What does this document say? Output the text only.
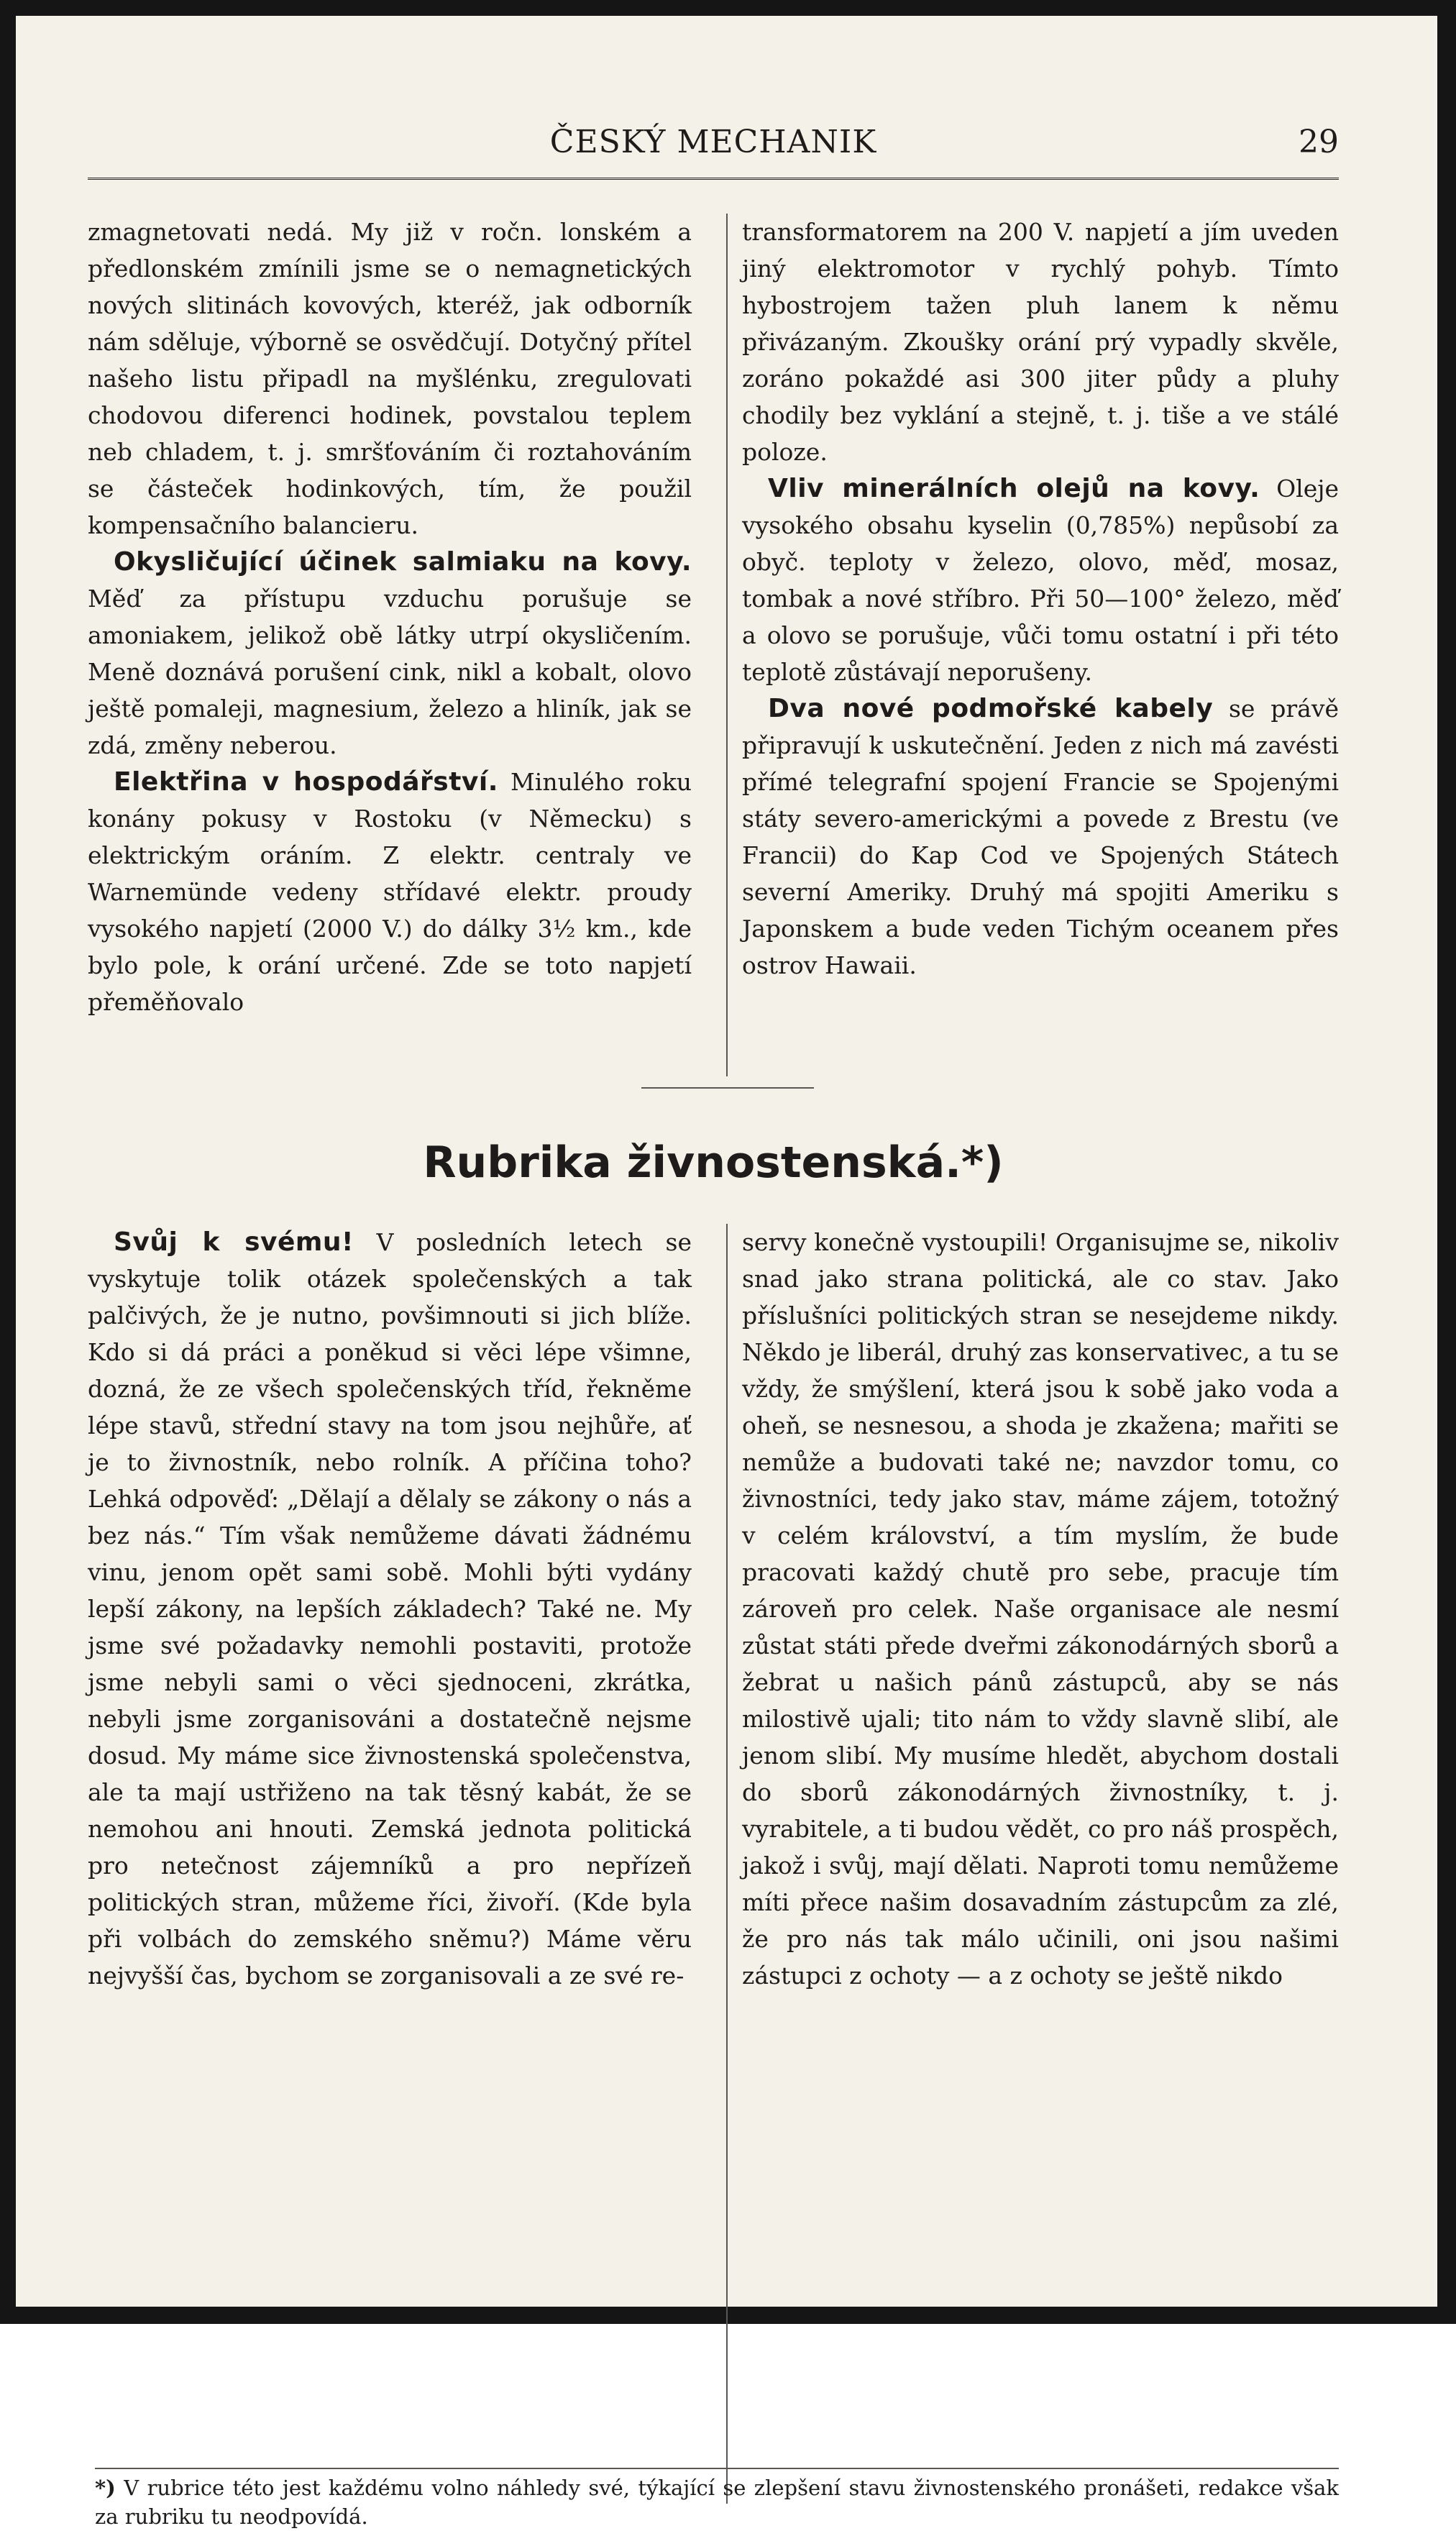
ČESKÝ MECHANIK	29

zmagnetovati nedá. My již v ročn. lonském a předlonském zmínili jsme se o nemagnetických nových slitinách kovových, kteréž, jak odborník nám sděluje, výborně se osvědčují. Dotyčný přítel našeho listu připadl na myšlénku, zregulovati chodovou diferenci hodinek, povstalou teplem neb chladem, t. j. smršťováním či roztahováním se částeček hodinkových, tím, že použil kompensačního balancieru.

Okysličující účinek salmiaku na kovy. Měď za přístupu vzduchu porušuje se amoniakem, jelikož obě látky utrpí okysličením. Meně doznává porušení cink, nikl a kobalt, olovo ještě pomaleji, magnesium, železo a hliník, jak se zdá, změny neberou.

Elektřina v hospodářství. Minulého roku konány pokusy v Rostoku (v Německu) s elektrickým oráním. Z elektr. centraly ve Warnemünde vedeny střídavé elektr. proudy vysokého napjetí (2000 V.) do dálky 3½ km., kde bylo pole, k orání určené. Zde se toto napjetí přeměňovalo

transformatorem na 200 V. napjetí a jím uveden jiný elektromotor v rychlý pohyb. Tímto hybostrojem tažen pluh lanem k němu přivázaným. Zkoušky orání prý vypadly skvěle, zoráno pokaždé asi 300 jiter půdy a pluhy chodily bez vyklání a stejně, t. j. tiše a ve stálé poloze.

Vliv minerálních olejů na kovy. Oleje vysokého obsahu kyselin (0,785%) nepůsobí za obyč. teploty v železo, olovo, měď, mosaz, tombak a nové stříbro. Při 50—100° železo, měď a olovo se porušuje, vůči tomu ostatní i při této teplotě zůstávají neporušeny.

Dva nové podmořské kabely se právě připravují k uskutečnění. Jeden z nich má zavésti přímé telegrafní spojení Francie se Spojenými státy severo-americkými a povede z Brestu (ve Francii) do Kap Cod ve Spojených Státech severní Ameriky. Druhý má spojiti Ameriku s Japonskem a bude veden Tichým oceanem přes ostrov Hawaii.

Rubrika živnostenská.*)

Svůj k svému! V posledních letech se vyskytuje tolik otázek společenských a tak palčivých, že je nutno, povšimnouti si jich blíže. Kdo si dá práci a poněkud si věci lépe všimne, dozná, že ze všech společenských tříd, řekněme lépe stavů, střední stavy na tom jsou nejhůře, ať je to živnostník, nebo rolník. A příčina toho? Lehká odpověď: „Dělají a dělaly se zákony o nás a bez nás.“ Tím však nemůžeme dávati žádnému vinu, jenom opět sami sobě. Mohli býti vydány lepší zákony, na lepších základech? Také ne. My jsme své požadavky nemohli postaviti, protože jsme nebyli sami o věci sjednoceni, zkrátka, nebyli jsme zorganisováni a dostatečně nejsme dosud. My máme sice živnostenská společenstva, ale ta mají ustřiženo na tak těsný kabát, že se nemohou ani hnouti. Zemská jednota politická pro netečnost zájemníků a pro nepřízeň politických stran, můžeme říci, živoří. (Kde byla při volbách do zemského sněmu?) Máme věru nejvyšší čas, bychom se zorganisovali a ze své re-

servy konečně vystoupili! Organisujme se, nikoliv snad jako strana politická, ale co stav. Jako příslušníci politických stran se nesejdeme nikdy. Někdo je liberál, druhý zas konservativec, a tu se vždy, že smýšlení, která jsou k sobě jako voda a oheň, se nesnesou, a shoda je zkažena; mařiti se nemůže a budovati také ne; navzdor tomu, co živnostníci, tedy jako stav, máme zájem, totožný v celém království, a tím myslím, že bude pracovati každý chutě pro sebe, pracuje tím zároveň pro celek. Naše organisace ale nesmí zůstat státi přede dveřmi zákonodárných sborů a žebrat u našich pánů zástupců, aby se nás milostivě ujali; tito nám to vždy slavně slibí, ale jenom slibí. My musíme hledět, abychom dostali do sborů zákonodárných živnostníky, t. j. vyrabitele, a ti budou vědět, co pro náš prospěch, jakož i svůj, mají dělati. Naproti tomu nemůžeme míti přece našim dosavadním zástupcům za zlé, že pro nás tak málo učinili, oni jsou našimi zástupci z ochoty — a z ochoty se ještě nikdo

*) V rubrice této jest každému volno náhledy své, týkající se zlepšení stavu živnostenského pronášeti, redakce však za rubriku tu neodpovídá.
